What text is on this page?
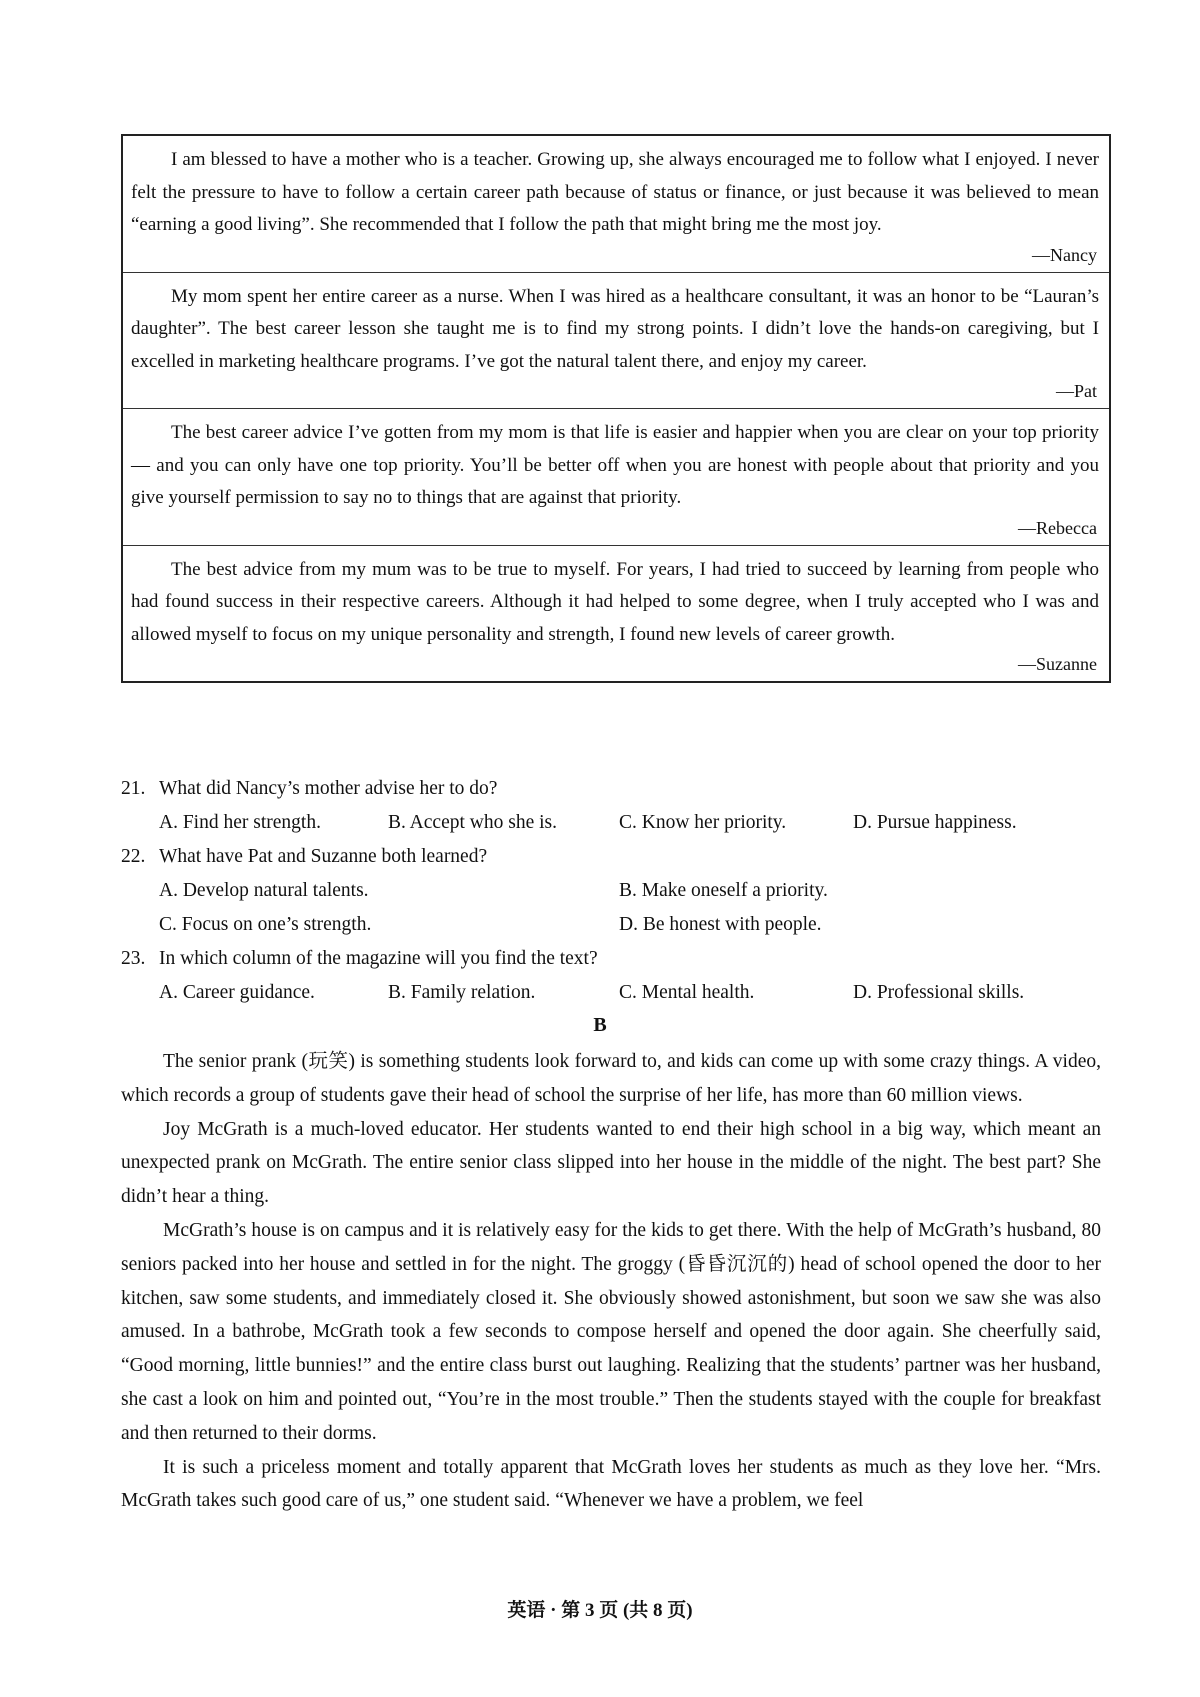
I am blessed to have a mother who is a teacher. Growing up, she always encouraged me to follow what I enjoyed. I never felt the pressure to have to follow a certain career path because of status or finance, or just because it was believed to mean “earning a good living”. She recommended that I follow the path that might bring me the most joy.

—Nancy

My mom spent her entire career as a nurse. When I was hired as a healthcare consultant, it was an honor to be “Lauran’s daughter”. The best career lesson she taught me is to find my strong points. I didn’t love the hands-on caregiving, but I excelled in marketing healthcare programs. I’ve got the natural talent there, and enjoy my career.

—Pat

The best career advice I’ve gotten from my mom is that life is easier and happier when you are clear on your top priority — and you can only have one top priority. You’ll be better off when you are honest with people about that priority and you give yourself permission to say no to things that are against that priority.

—Rebecca

The best advice from my mum was to be true to myself. For years, I had tried to succeed by learning from people who had found success in their respective careers. Although it had helped to some degree, when I truly accepted who I was and allowed myself to focus on my unique personality and strength, I found new levels of career growth.

—Suzanne

21. What did Nancy’s mother advise her to do?
A. Find her strength.	B. Accept who she is.	C. Know her priority.	D. Pursue happiness.
22. What have Pat and Suzanne both learned?
A. Develop natural talents.	B. Make oneself a priority.
C. Focus on one’s strength.	D. Be honest with people.
23. In which column of the magazine will you find the text?
A. Career guidance.	B. Family relation.	C. Mental health.	D. Professional skills.
B

The senior prank (玩笑) is something students look forward to, and kids can come up with some crazy things. A video, which records a group of students gave their head of school the surprise of her life, has more than 60 million views.

Joy McGrath is a much-loved educator. Her students wanted to end their high school in a big way, which meant an unexpected prank on McGrath. The entire senior class slipped into her house in the middle of the night. The best part? She didn’t hear a thing.

McGrath’s house is on campus and it is relatively easy for the kids to get there. With the help of McGrath’s husband, 80 seniors packed into her house and settled in for the night. The groggy (昏昏沉沉的) head of school opened the door to her kitchen, saw some students, and immediately closed it. She obviously showed astonishment, but soon we saw she was also amused. In a bathrobe, McGrath took a few seconds to compose herself and opened the door again. She cheerfully said, “Good morning, little bunnies!” and the entire class burst out laughing. Realizing that the students’ partner was her husband, she cast a look on him and pointed out, “You’re in the most trouble.” Then the students stayed with the couple for breakfast and then returned to their dorms.

It is such a priceless moment and totally apparent that McGrath loves her students as much as they love her. “Mrs. McGrath takes such good care of us,” one student said. “Whenever we have a problem, we feel

英语 · 第 3 页 (共 8 页)
